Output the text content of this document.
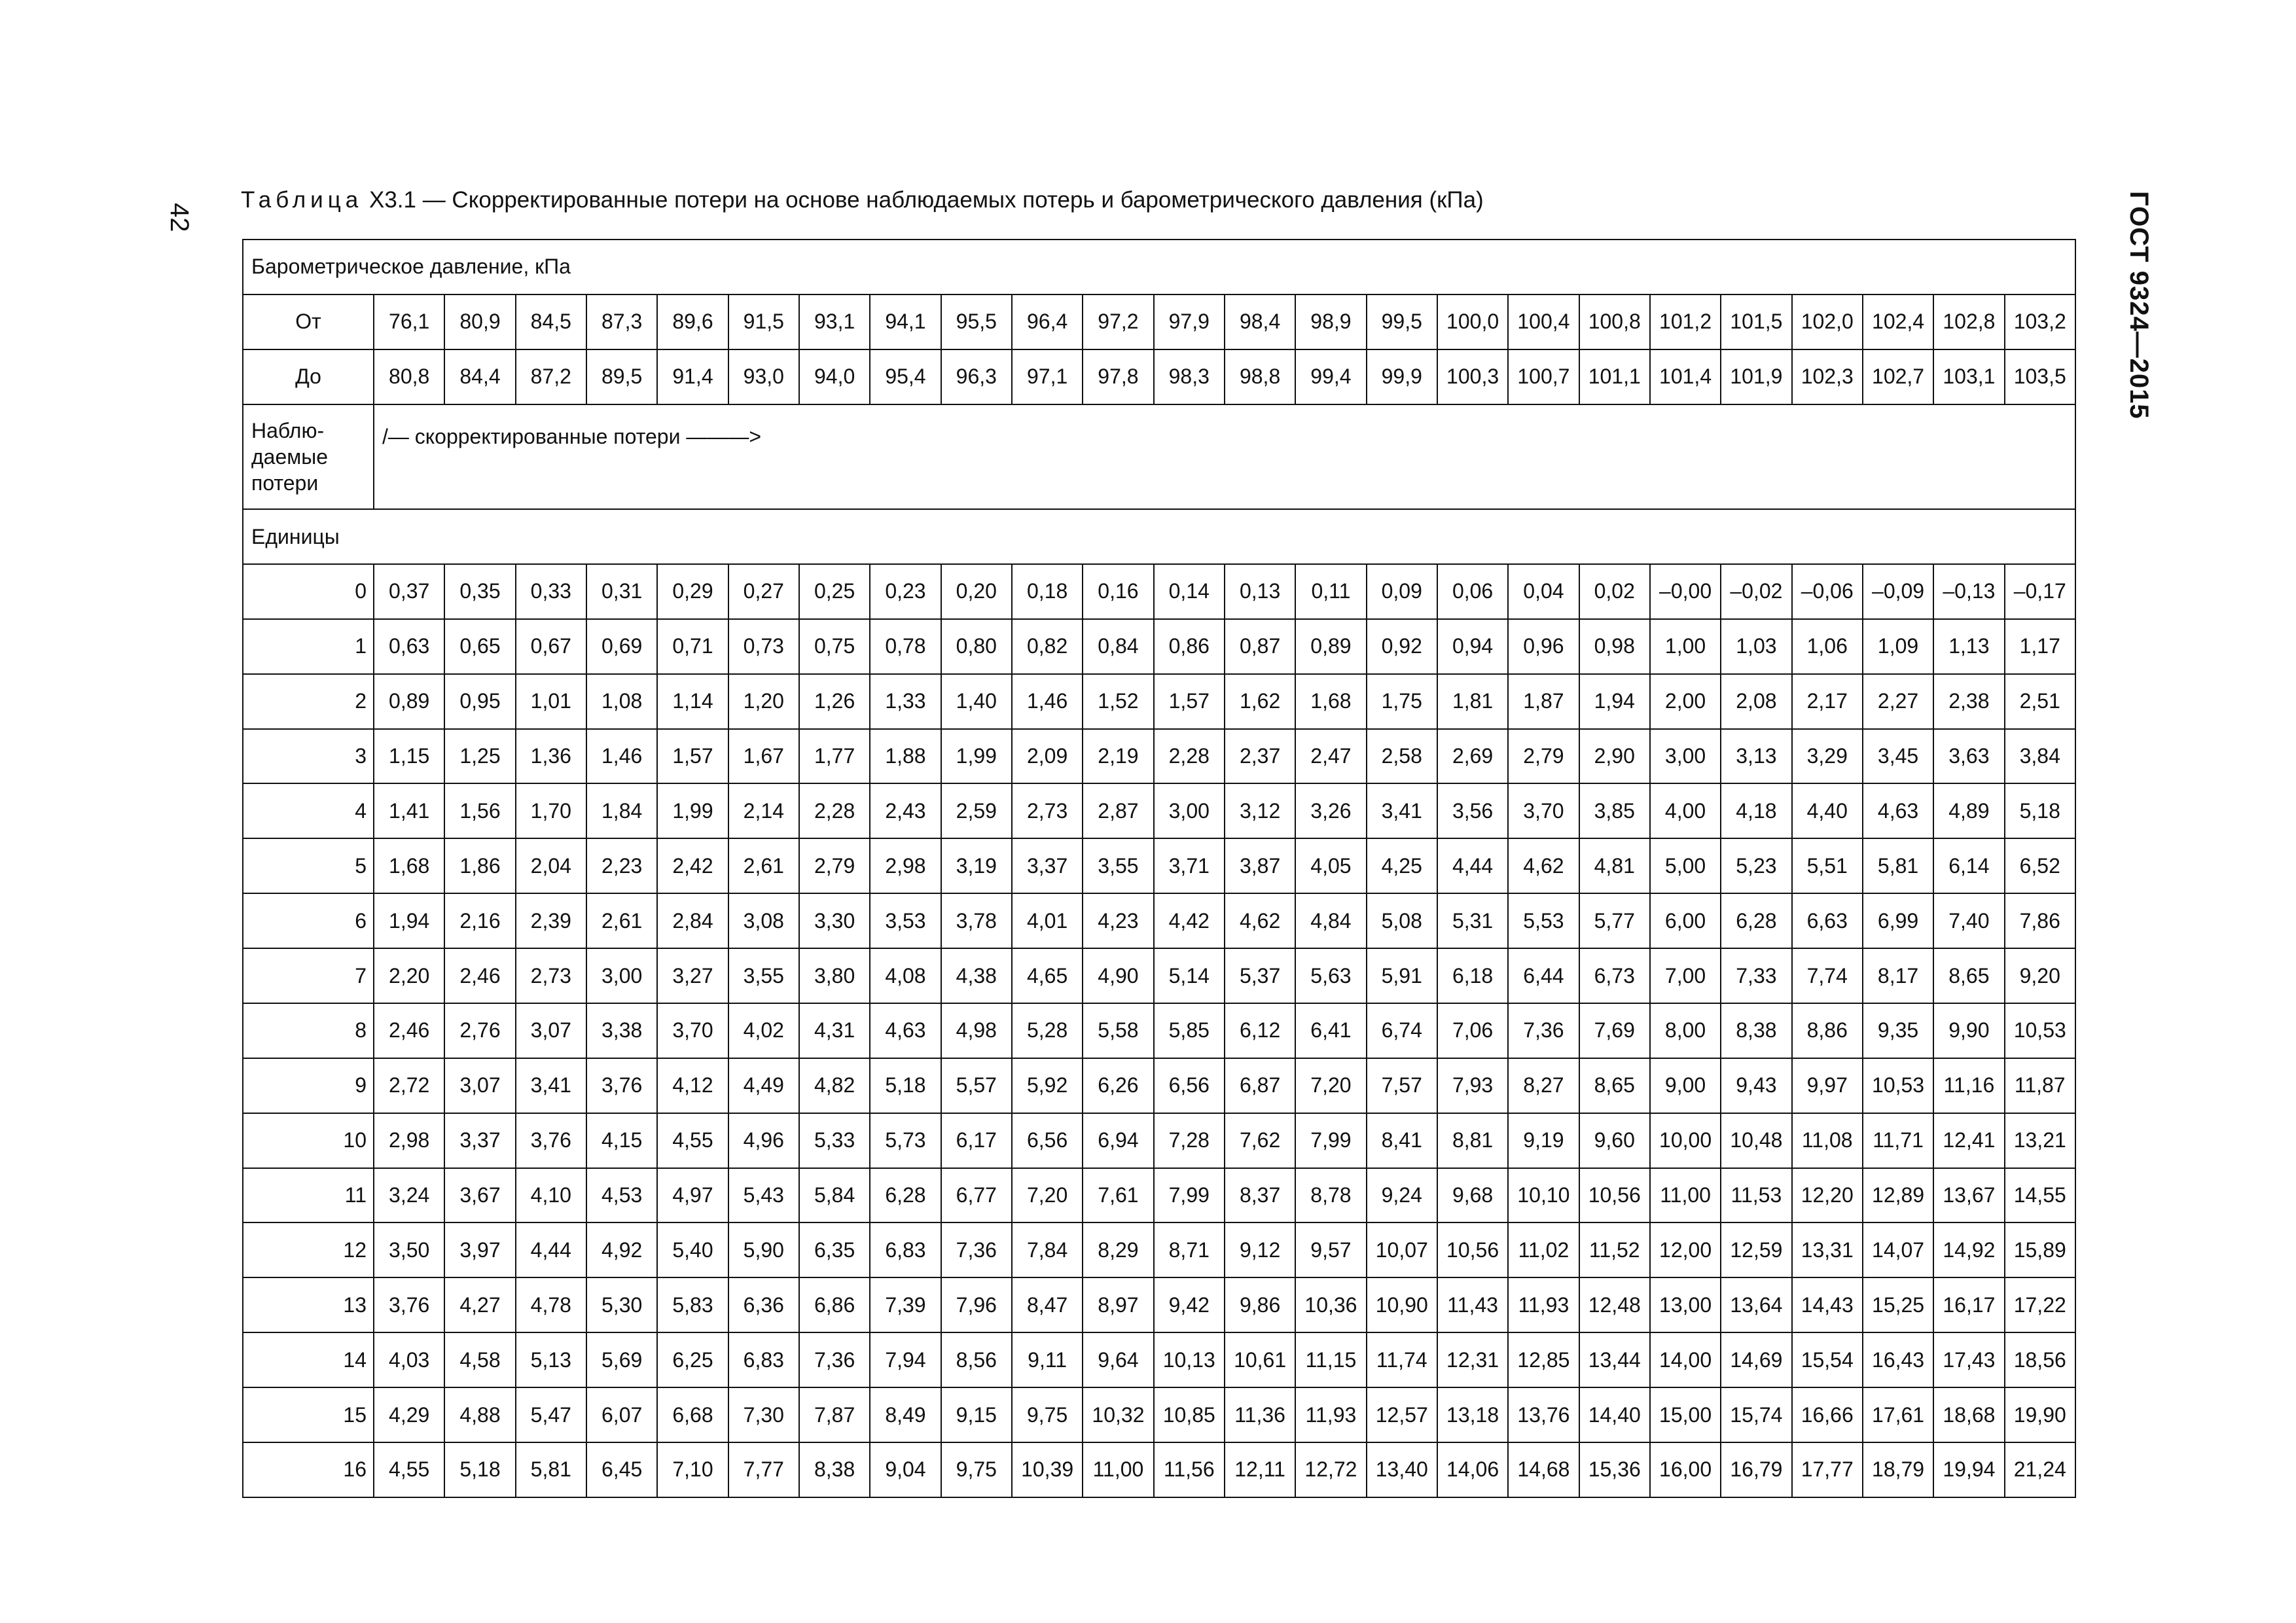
42	ГОСТ 9324—2015
Таблица Х3.1 — Скорректированные потери на основе наблюдаемых потерь и барометрического давления (кПа)
Барометрическое давление, кПа																								
От	76,1	80,9	84,5	87,3	89,6	91,5	93,1	94,1	95,5	96,4	97,2	97,9	98,4	98,9	99,5	100,0	100,4	100,8	101,2	101,5	102,0	102,4	102,8	103,2
До	80,8	84,4	87,2	89,5	91,4	93,0	94,0	95,4	96,3	97,1	97,8	98,3	98,8	99,4	99,9	100,3	100,7	101,1	101,4	101,9	102,3	102,7	103,1	103,5
Наблю-
даемые
потери	/— скорректированные потери ———>																							
Единицы																								
0	0,37	0,35	0,33	0,31	0,29	0,27	0,25	0,23	0,20	0,18	0,16	0,14	0,13	0,11	0,09	0,06	0,04	0,02	–0,00	–0,02	–0,06	–0,09	–0,13	–0,17
1	0,63	0,65	0,67	0,69	0,71	0,73	0,75	0,78	0,80	0,82	0,84	0,86	0,87	0,89	0,92	0,94	0,96	0,98	1,00	1,03	1,06	1,09	1,13	1,17
2	0,89	0,95	1,01	1,08	1,14	1,20	1,26	1,33	1,40	1,46	1,52	1,57	1,62	1,68	1,75	1,81	1,87	1,94	2,00	2,08	2,17	2,27	2,38	2,51
3	1,15	1,25	1,36	1,46	1,57	1,67	1,77	1,88	1,99	2,09	2,19	2,28	2,37	2,47	2,58	2,69	2,79	2,90	3,00	3,13	3,29	3,45	3,63	3,84
4	1,41	1,56	1,70	1,84	1,99	2,14	2,28	2,43	2,59	2,73	2,87	3,00	3,12	3,26	3,41	3,56	3,70	3,85	4,00	4,18	4,40	4,63	4,89	5,18
5	1,68	1,86	2,04	2,23	2,42	2,61	2,79	2,98	3,19	3,37	3,55	3,71	3,87	4,05	4,25	4,44	4,62	4,81	5,00	5,23	5,51	5,81	6,14	6,52
6	1,94	2,16	2,39	2,61	2,84	3,08	3,30	3,53	3,78	4,01	4,23	4,42	4,62	4,84	5,08	5,31	5,53	5,77	6,00	6,28	6,63	6,99	7,40	7,86
7	2,20	2,46	2,73	3,00	3,27	3,55	3,80	4,08	4,38	4,65	4,90	5,14	5,37	5,63	5,91	6,18	6,44	6,73	7,00	7,33	7,74	8,17	8,65	9,20
8	2,46	2,76	3,07	3,38	3,70	4,02	4,31	4,63	4,98	5,28	5,58	5,85	6,12	6,41	6,74	7,06	7,36	7,69	8,00	8,38	8,86	9,35	9,90	10,53
9	2,72	3,07	3,41	3,76	4,12	4,49	4,82	5,18	5,57	5,92	6,26	6,56	6,87	7,20	7,57	7,93	8,27	8,65	9,00	9,43	9,97	10,53	11,16	11,87
10	2,98	3,37	3,76	4,15	4,55	4,96	5,33	5,73	6,17	6,56	6,94	7,28	7,62	7,99	8,41	8,81	9,19	9,60	10,00	10,48	11,08	11,71	12,41	13,21
11	3,24	3,67	4,10	4,53	4,97	5,43	5,84	6,28	6,77	7,20	7,61	7,99	8,37	8,78	9,24	9,68	10,10	10,56	11,00	11,53	12,20	12,89	13,67	14,55
12	3,50	3,97	4,44	4,92	5,40	5,90	6,35	6,83	7,36	7,84	8,29	8,71	9,12	9,57	10,07	10,56	11,02	11,52	12,00	12,59	13,31	14,07	14,92	15,89
13	3,76	4,27	4,78	5,30	5,83	6,36	6,86	7,39	7,96	8,47	8,97	9,42	9,86	10,36	10,90	11,43	11,93	12,48	13,00	13,64	14,43	15,25	16,17	17,22
14	4,03	4,58	5,13	5,69	6,25	6,83	7,36	7,94	8,56	9,11	9,64	10,13	10,61	11,15	11,74	12,31	12,85	13,44	14,00	14,69	15,54	16,43	17,43	18,56
15	4,29	4,88	5,47	6,07	6,68	7,30	7,87	8,49	9,15	9,75	10,32	10,85	11,36	11,93	12,57	13,18	13,76	14,40	15,00	15,74	16,66	17,61	18,68	19,90
16	4,55	5,18	5,81	6,45	7,10	7,77	8,38	9,04	9,75	10,39	11,00	11,56	12,11	12,72	13,40	14,06	14,68	15,36	16,00	16,79	17,77	18,79	19,94	21,24
